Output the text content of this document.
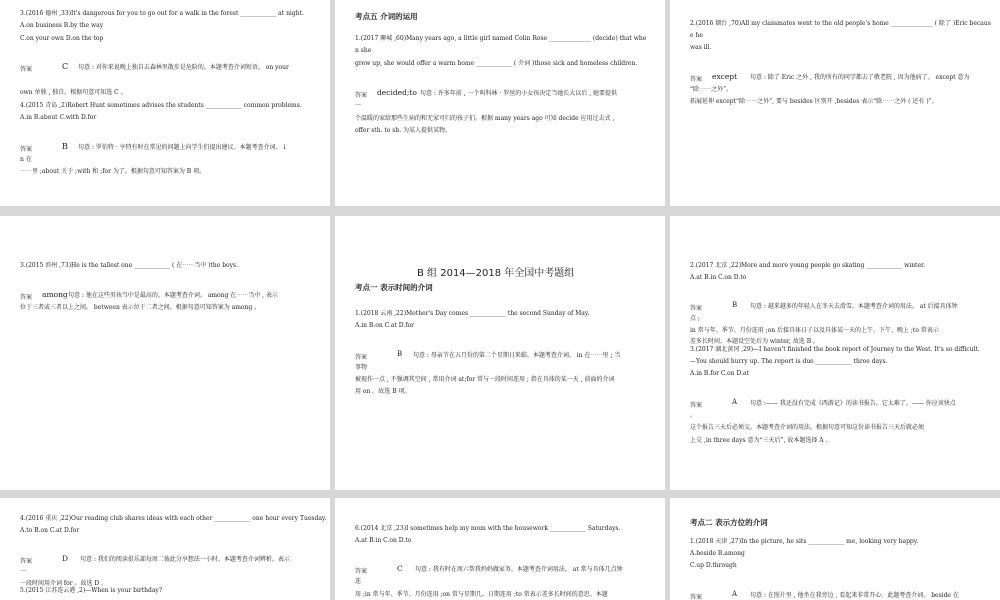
3.(2016 德州 ,33)It's dangerous for you to go out for a walk in the forest ____________ at night.
A.on business B.by the way
C.on your own D.on the top
答案	C 句意 : 对你来说晚上独自去森林里散步是危险的。本题考查介词短语。 on your
own 单独 , 独自。根据句意可知选 C 。
4.(2015 青岛 ,2)Robert Hunt sometimes advises the students ____________ common problems.
A.in B.about C.with D.for
答案	B 句意 : 罗伯特 · 亨特有时在常见的问题上向学生们提出建议。本题考查介词。 i
n 在
⋯⋯里 ;about 关于 ;with 和 ;for 为了。根据句意可知答案为 B 项。
考点五 介词的运用
1.(2017 聊城 ,60)Many years ago, a little girl named Colin Rose ______________ (decide) that whe
n she
grew up, she would offer a warm home ____________ ( 介词 )those sick and homeless children.
答案 decided;to 句意 : 许多年前 , 一个叫科林 · 罗丝的小女孩决定当她长大以后 , 她要提供
一
个温暖的家给那些生病的和无家可归的孩子们。根据 many years ago 可知 decide 应用过去式 ,
offer sth. to sb. 为某人提供某物。
2.(2016 烟台 ,70)All my classmates went to the old people's home ______________ ( 除了 )Eric becaus
e he
was ill.
答案 except 句意 : 除了 Eric 之外 , 我的所有的同学都去了敬老院 , 因为他病了。 except 意为
“除⋯⋯之外”。
拓展延伸 except“除⋯⋯之外”, 要与 besides 区别开 ,besides 表示“除⋯⋯之外 ( 还有 )”。
3.(2015 滨州 ,73)He is the tallest one ____________ ( 在⋯⋯当中 )the boys.
答案 among 句意 : 他在这些男孩当中是最高的。本题考查介词。 among 在⋯⋯当中 , 表示
位于三者或三者以上之间。 between 表示位于二者之间。根据句意可知答案为 among 。
B 组 2014—2018 年全国中考题组
考点一 表示时间的介词
1.(2018 云南 ,22)Mother's Day comes ____________ the second Sunday of May.
A.in B.on C.at D.for
答案	B 句意 : 母亲节在五月份的第二个星期日来临。本题考查介词。 in 在⋯⋯里 ; 当
事物
被视作一点 , 不强调其空间 , 常用介词 at;for 常与一段时间连用 ; 指在具体的某一天 , 前面的介词
用 on 。故选 B 项。
2.(2017 北京 ,22)More and more young people go skating ____________ winter.
A.at B.in C.on D.to
答案	B 句意 : 越来越多的年轻人在冬天去滑雪。本题考查介词的用法。 at 后接具体钟
点 ;
in 常与年、季节、月份连用 ;on 后接具体日子以及具体某一天的上午、下午、晚上 ;to 常表示
差多长时间。本题设空处后为 winter, 故选 B 。
3.(2017 湖北黄冈 ,29)—I haven't finished the book report of Journey to the West. It's so difficult.
—You should hurry up. The report is due ____________ three days.
A.in B.for C.on D.at
答案	A 句意 :—— 我还没有完成《西游记》的读书报告。它太难了。—— 你应该快点
。
这个报告三天后必须交。本题考查介词的用法。根据句意可知这份读书报告三天后就必须
上交 ,in three days 意为“三天后”, 故本题选择 A 。
4.(2016 重庆 ,22)Our reading club shares ideas with each other ____________ one hour every Tuesday.
A.to B.on C.at D.for
答案	D 句意 : 我们的阅读俱乐部每周二彼此分享想法一小时。本题考查介词辨析。表示
一
一段时间用介词 for 。故选 D 。
5.(2015 江苏连云港 ,2)—When is your birthday?
6.(2014 北京 ,23)I sometimes help my mom with the housework ____________ Saturdays.
A.at B.in C.on D.to
答案	C 句意 : 我有时在周六帮我妈妈做家务。本题考查介词用法。 at 常与具体几点钟
连
用 ;in 常与年、季节、月份连用 ;on 常与星期几、日期连用 ;to 常表示差多长时间的意思。本题
考点二 表示方位的介词
1.(2018 天津 ,27)In the picture, he sits ____________ me, looking very happy.
A.beside B.among
C.up D.through
答案	A 句意 : 在照片里 , 他坐在我旁边 , 看起来非常开心。此题考查介词。 beside 在
